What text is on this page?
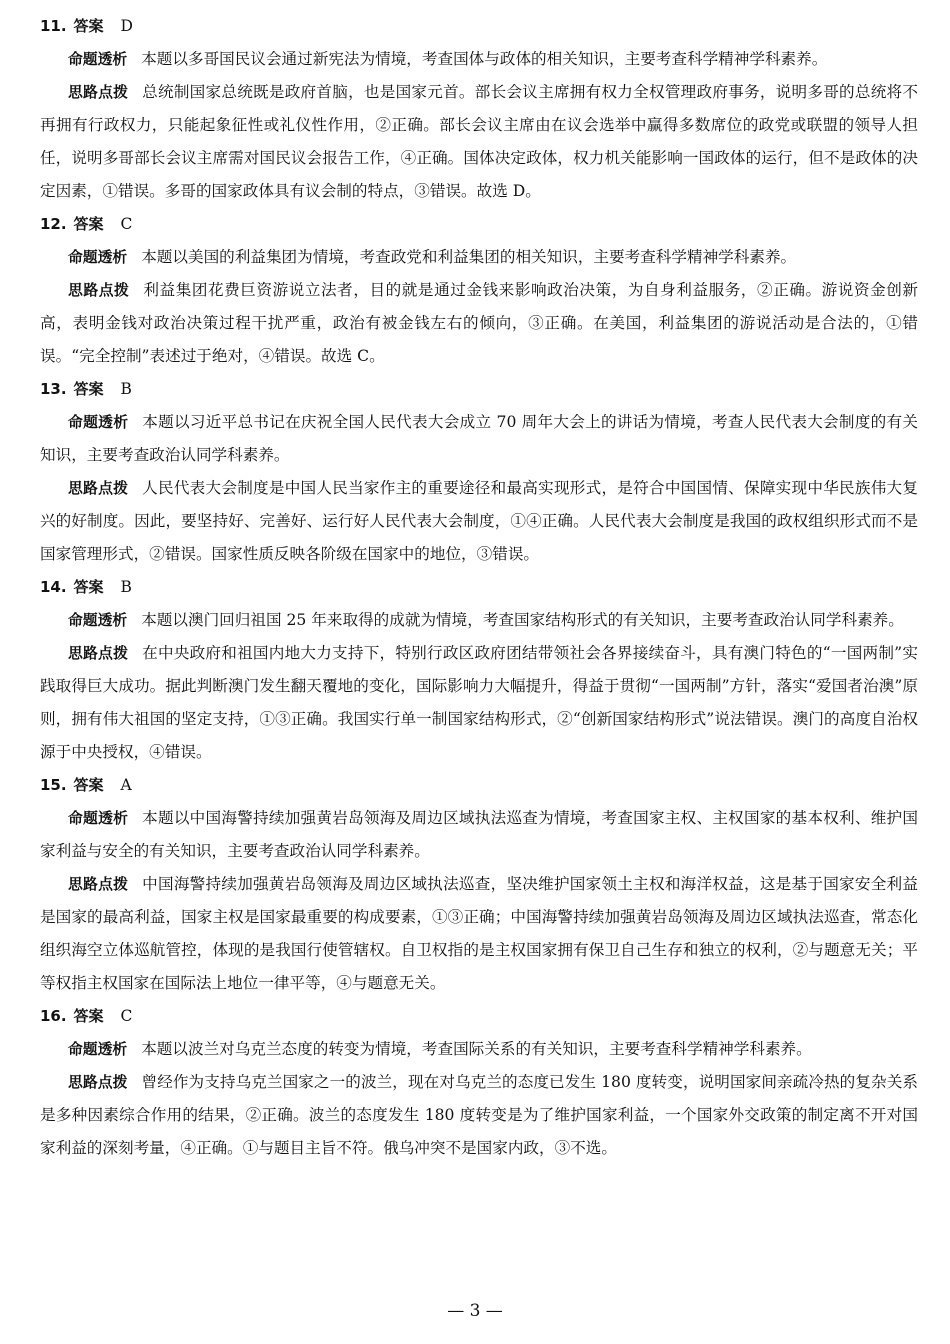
11. 答案 D
命题透析 本题以多哥国民议会通过新宪法为情境，考查国体与政体的相关知识，主要考查科学精神学科素养。
思路点拨 总统制国家总统既是政府首脑，也是国家元首。部长会议主席拥有权力全权管理政府事务，说明多哥的总统将不再拥有行政权力，只能起象征性或礼仪性作用，②正确。部长会议主席由在议会选举中赢得多数席位的政党或联盟的领导人担任，说明多哥部长会议主席需对国民议会报告工作，④正确。国体决定政体，权力机关能影响一国政体的运行，但不是政体的决定因素，①错误。多哥的国家政体具有议会制的特点，③错误。故选 D。
12. 答案 C
命题透析 本题以美国的利益集团为情境，考查政党和利益集团的相关知识，主要考查科学精神学科素养。
思路点拨 利益集团花费巨资游说立法者，目的就是通过金钱来影响政治决策，为自身利益服务，②正确。游说资金创新高，表明金钱对政治决策过程干扰严重，政治有被金钱左右的倾向，③正确。在美国，利益集团的游说活动是合法的，①错误。“完全控制”表述过于绝对，④错误。故选 C。
13. 答案 B
命题透析 本题以习近平总书记在庆祝全国人民代表大会成立 70 周年大会上的讲话为情境，考查人民代表大会制度的有关知识，主要考查政治认同学科素养。
思路点拨 人民代表大会制度是中国人民当家作主的重要途径和最高实现形式，是符合中国国情、保障实现中华民族伟大复兴的好制度。因此，要坚持好、完善好、运行好人民代表大会制度，①④正确。人民代表大会制度是我国的政权组织形式而不是国家管理形式，②错误。国家性质反映各阶级在国家中的地位，③错误。
14. 答案 B
命题透析 本题以澳门回归祖国 25 年来取得的成就为情境，考查国家结构形式的有关知识，主要考查政治认同学科素养。
思路点拨 在中央政府和祖国内地大力支持下，特别行政区政府团结带领社会各界接续奋斗，具有澳门特色的“一国两制”实践取得巨大成功。据此判断澳门发生翻天覆地的变化，国际影响力大幅提升，得益于贯彻“一国两制”方针，落实“爱国者治澳”原则，拥有伟大祖国的坚定支持，①③正确。我国实行单一制国家结构形式，②“创新国家结构形式”说法错误。澳门的高度自治权源于中央授权，④错误。
15. 答案 A
命题透析 本题以中国海警持续加强黄岩岛领海及周边区域执法巡查为情境，考查国家主权、主权国家的基本权利、维护国家利益与安全的有关知识，主要考查政治认同学科素养。
思路点拨 中国海警持续加强黄岩岛领海及周边区域执法巡查，坚决维护国家领土主权和海洋权益，这是基于国家安全利益是国家的最高利益，国家主权是国家最重要的构成要素，①③正确；中国海警持续加强黄岩岛领海及周边区域执法巡查，常态化组织海空立体巡航管控，体现的是我国行使管辖权。自卫权指的是主权国家拥有保卫自己生存和独立的权利，②与题意无关；平等权指主权国家在国际法上地位一律平等，④与题意无关。
16. 答案 C
命题透析 本题以波兰对乌克兰态度的转变为情境，考查国际关系的有关知识，主要考查科学精神学科素养。
思路点拨 曾经作为支持乌克兰国家之一的波兰，现在对乌克兰的态度已发生 180 度转变，说明国家间亲疏冷热的复杂关系是多种因素综合作用的结果，②正确。波兰的态度发生 180 度转变是为了维护国家利益，一个国家外交政策的制定离不开对国家利益的深刻考量，④正确。①与题目主旨不符。俄乌冲突不是国家内政，③不选。
— 3 —
